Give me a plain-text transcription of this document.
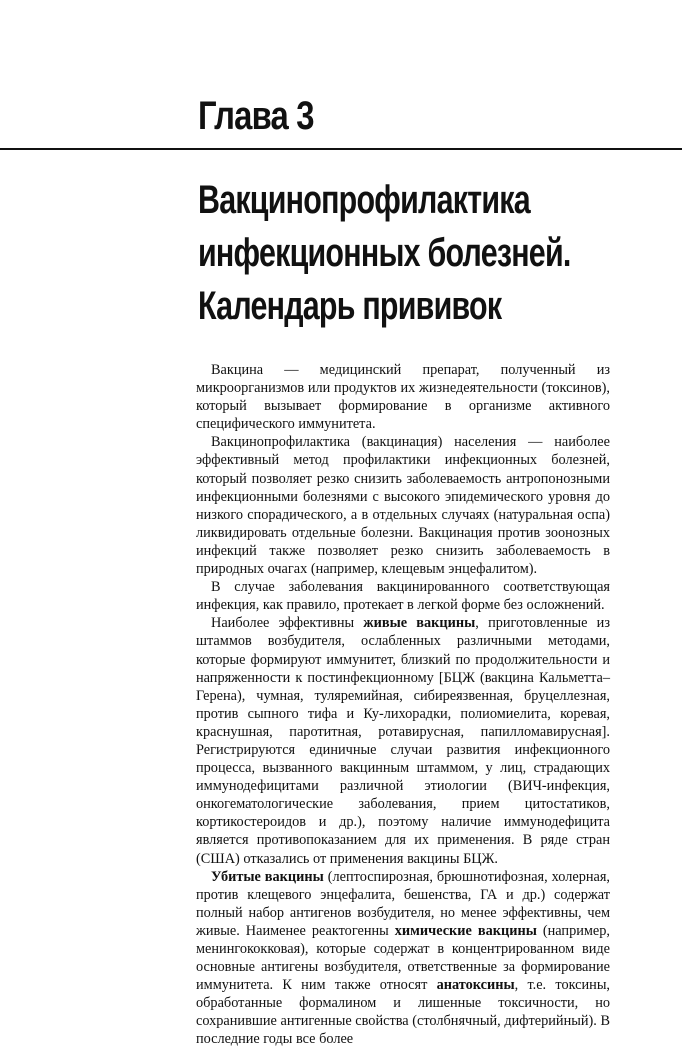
Глава 3
Вакцинопрофилактика
инфекционных болезней.
Календарь прививок

Вакцина — медицинский препарат, полученный из микроорганизмов или продуктов их жизнедеятельности (токсинов), который вызывает формирование в организме активного специфического иммунитета.

Вакцинопрофилактика (вакцинация) населения — наиболее эффективный метод профилактики инфекционных болезней, который позволяет резко снизить заболеваемость антропонозными инфекционными болезнями с высокого эпидемического уровня до низкого спорадического, а в отдельных случаях (натуральная оспа) ликвидировать отдельные болезни. Вакцинация против зоонозных инфекций также позволяет резко снизить заболеваемость в природных очагах (например, клещевым энцефалитом).

В случае заболевания вакцинированного соответствующая инфекция, как правило, протекает в легкой форме без осложнений.

Наиболее эффективны живые вакцины, приготовленные из штаммов возбудителя, ослабленных различными методами, которые формируют иммунитет, близкий по продолжительности и напряженности к постинфекционному [БЦЖ (вакцина Кальметта–Герена), чумная, туляремийная, сибиреязвенная, бруцеллезная, против сыпного тифа и Ку-лихорадки, полиомиелита, коревая, краснушная, паротитная, ротавирусная, папилломавирусная]. Регистрируются единичные случаи развития инфекционного процесса, вызванного вакцинным штаммом, у лиц, страдающих иммунодефицитами различной этиологии (ВИЧ-инфекция, онкогематологические заболевания, прием цитостатиков, кортикостероидов и др.), поэтому наличие иммунодефицита является противопоказанием для их применения. В ряде стран (США) отказались от применения вакцины БЦЖ.

Убитые вакцины (лептоспирозная, брюшнотифозная, холерная, против клещевого энцефалита, бешенства, ГА и др.) содержат полный набор антигенов возбудителя, но менее эффективны, чем живые. Наименее реактогенны химические вакцины (например, менингококковая), которые содержат в концентрированном виде основные антигены возбудителя, ответственные за формирование иммунитета. К ним также относят анатоксины, т.е. токсины, обработанные формалином и лишенные токсичности, но сохранившие антигенные свойства (столбнячный, дифтерийный). В последние годы все более
